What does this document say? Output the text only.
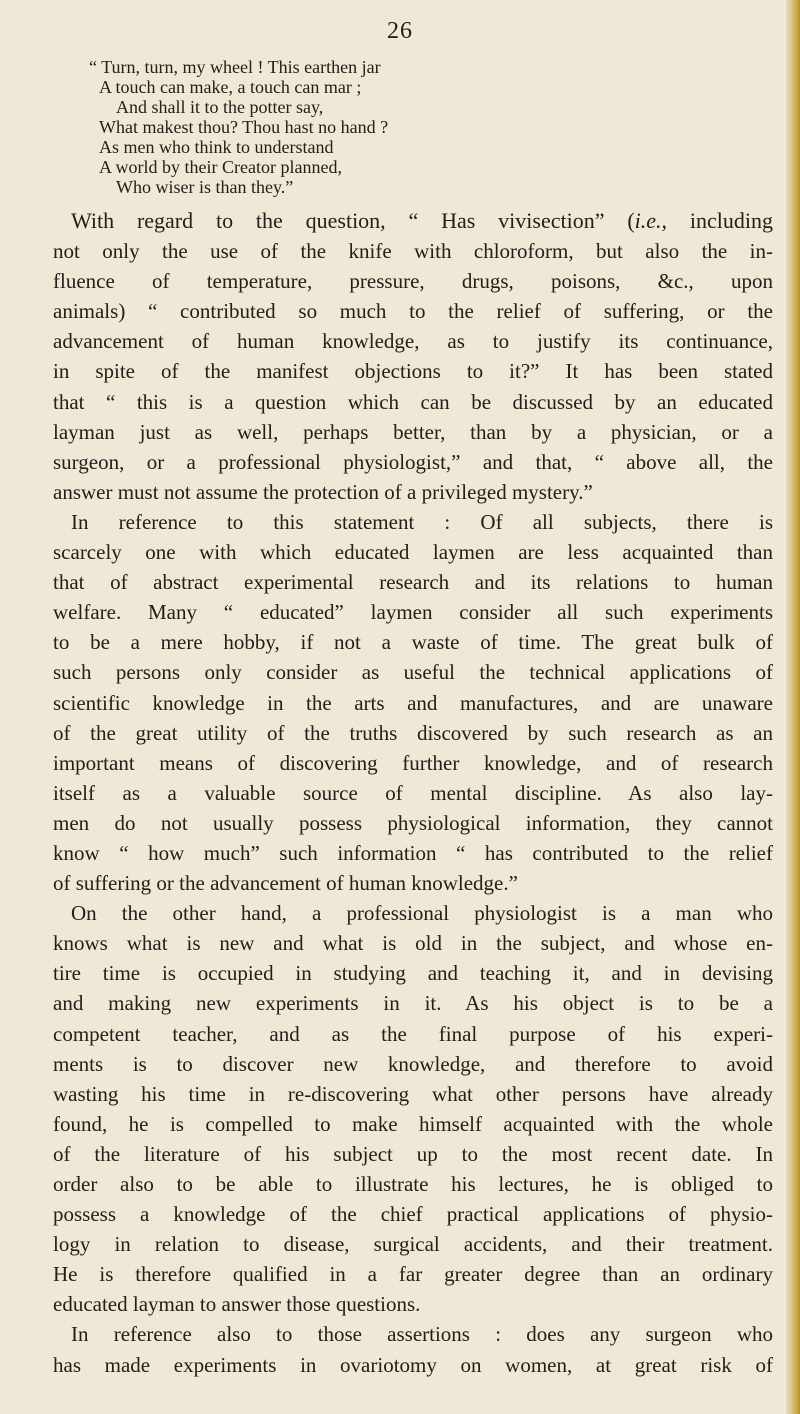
26
“ Turn, turn, my wheel ! This earthen jar
A touch can make, a touch can mar ;
And shall it to the potter say,
What makest thou? Thou hast no hand ?
As men who think to understand
A world by their Creator planned,
Who wiser is than they.”
With regard to the question, “ Has vivisection” (i.e., including
not only the use of the knife with chloroform, but also the in-
fluence of temperature, pressure, drugs, poisons, &c., upon
animals) “ contributed so much to the relief of suffering, or the
advancement of human knowledge, as to justify its continuance,
in spite of the manifest objections to it?” It has been stated
that “ this is a question which can be discussed by an educated
layman just as well, perhaps better, than by a physician, or a
surgeon, or a professional physiologist,” and that, “ above all, the
answer must not assume the protection of a privileged mystery.”
In reference to this statement : Of all subjects, there is
scarcely one with which educated laymen are less acquainted than
that of abstract experimental research and its relations to human
welfare. Many “ educated” laymen consider all such experiments
to be a mere hobby, if not a waste of time. The great bulk of
such persons only consider as useful the technical applications of
scientific knowledge in the arts and manufactures, and are unaware
of the great utility of the truths discovered by such research as an
important means of discovering further knowledge, and of research
itself as a valuable source of mental discipline. As also lay-
men do not usually possess physiological information, they cannot
know “ how much” such information “ has contributed to the relief
of suffering or the advancement of human knowledge.”
On the other hand, a professional physiologist is a man who
knows what is new and what is old in the subject, and whose en-
tire time is occupied in studying and teaching it, and in devising
and making new experiments in it. As his object is to be a
competent teacher, and as the final purpose of his experi-
ments is to discover new knowledge, and therefore to avoid
wasting his time in re-discovering what other persons have already
found, he is compelled to make himself acquainted with the whole
of the literature of his subject up to the most recent date. In
order also to be able to illustrate his lectures, he is obliged to
possess a knowledge of the chief practical applications of physio-
logy in relation to disease, surgical accidents, and their treatment.
He is therefore qualified in a far greater degree than an ordinary
educated layman to answer those questions.
In reference also to those assertions : does any surgeon who
has made experiments in ovariotomy on women, at great risk of
